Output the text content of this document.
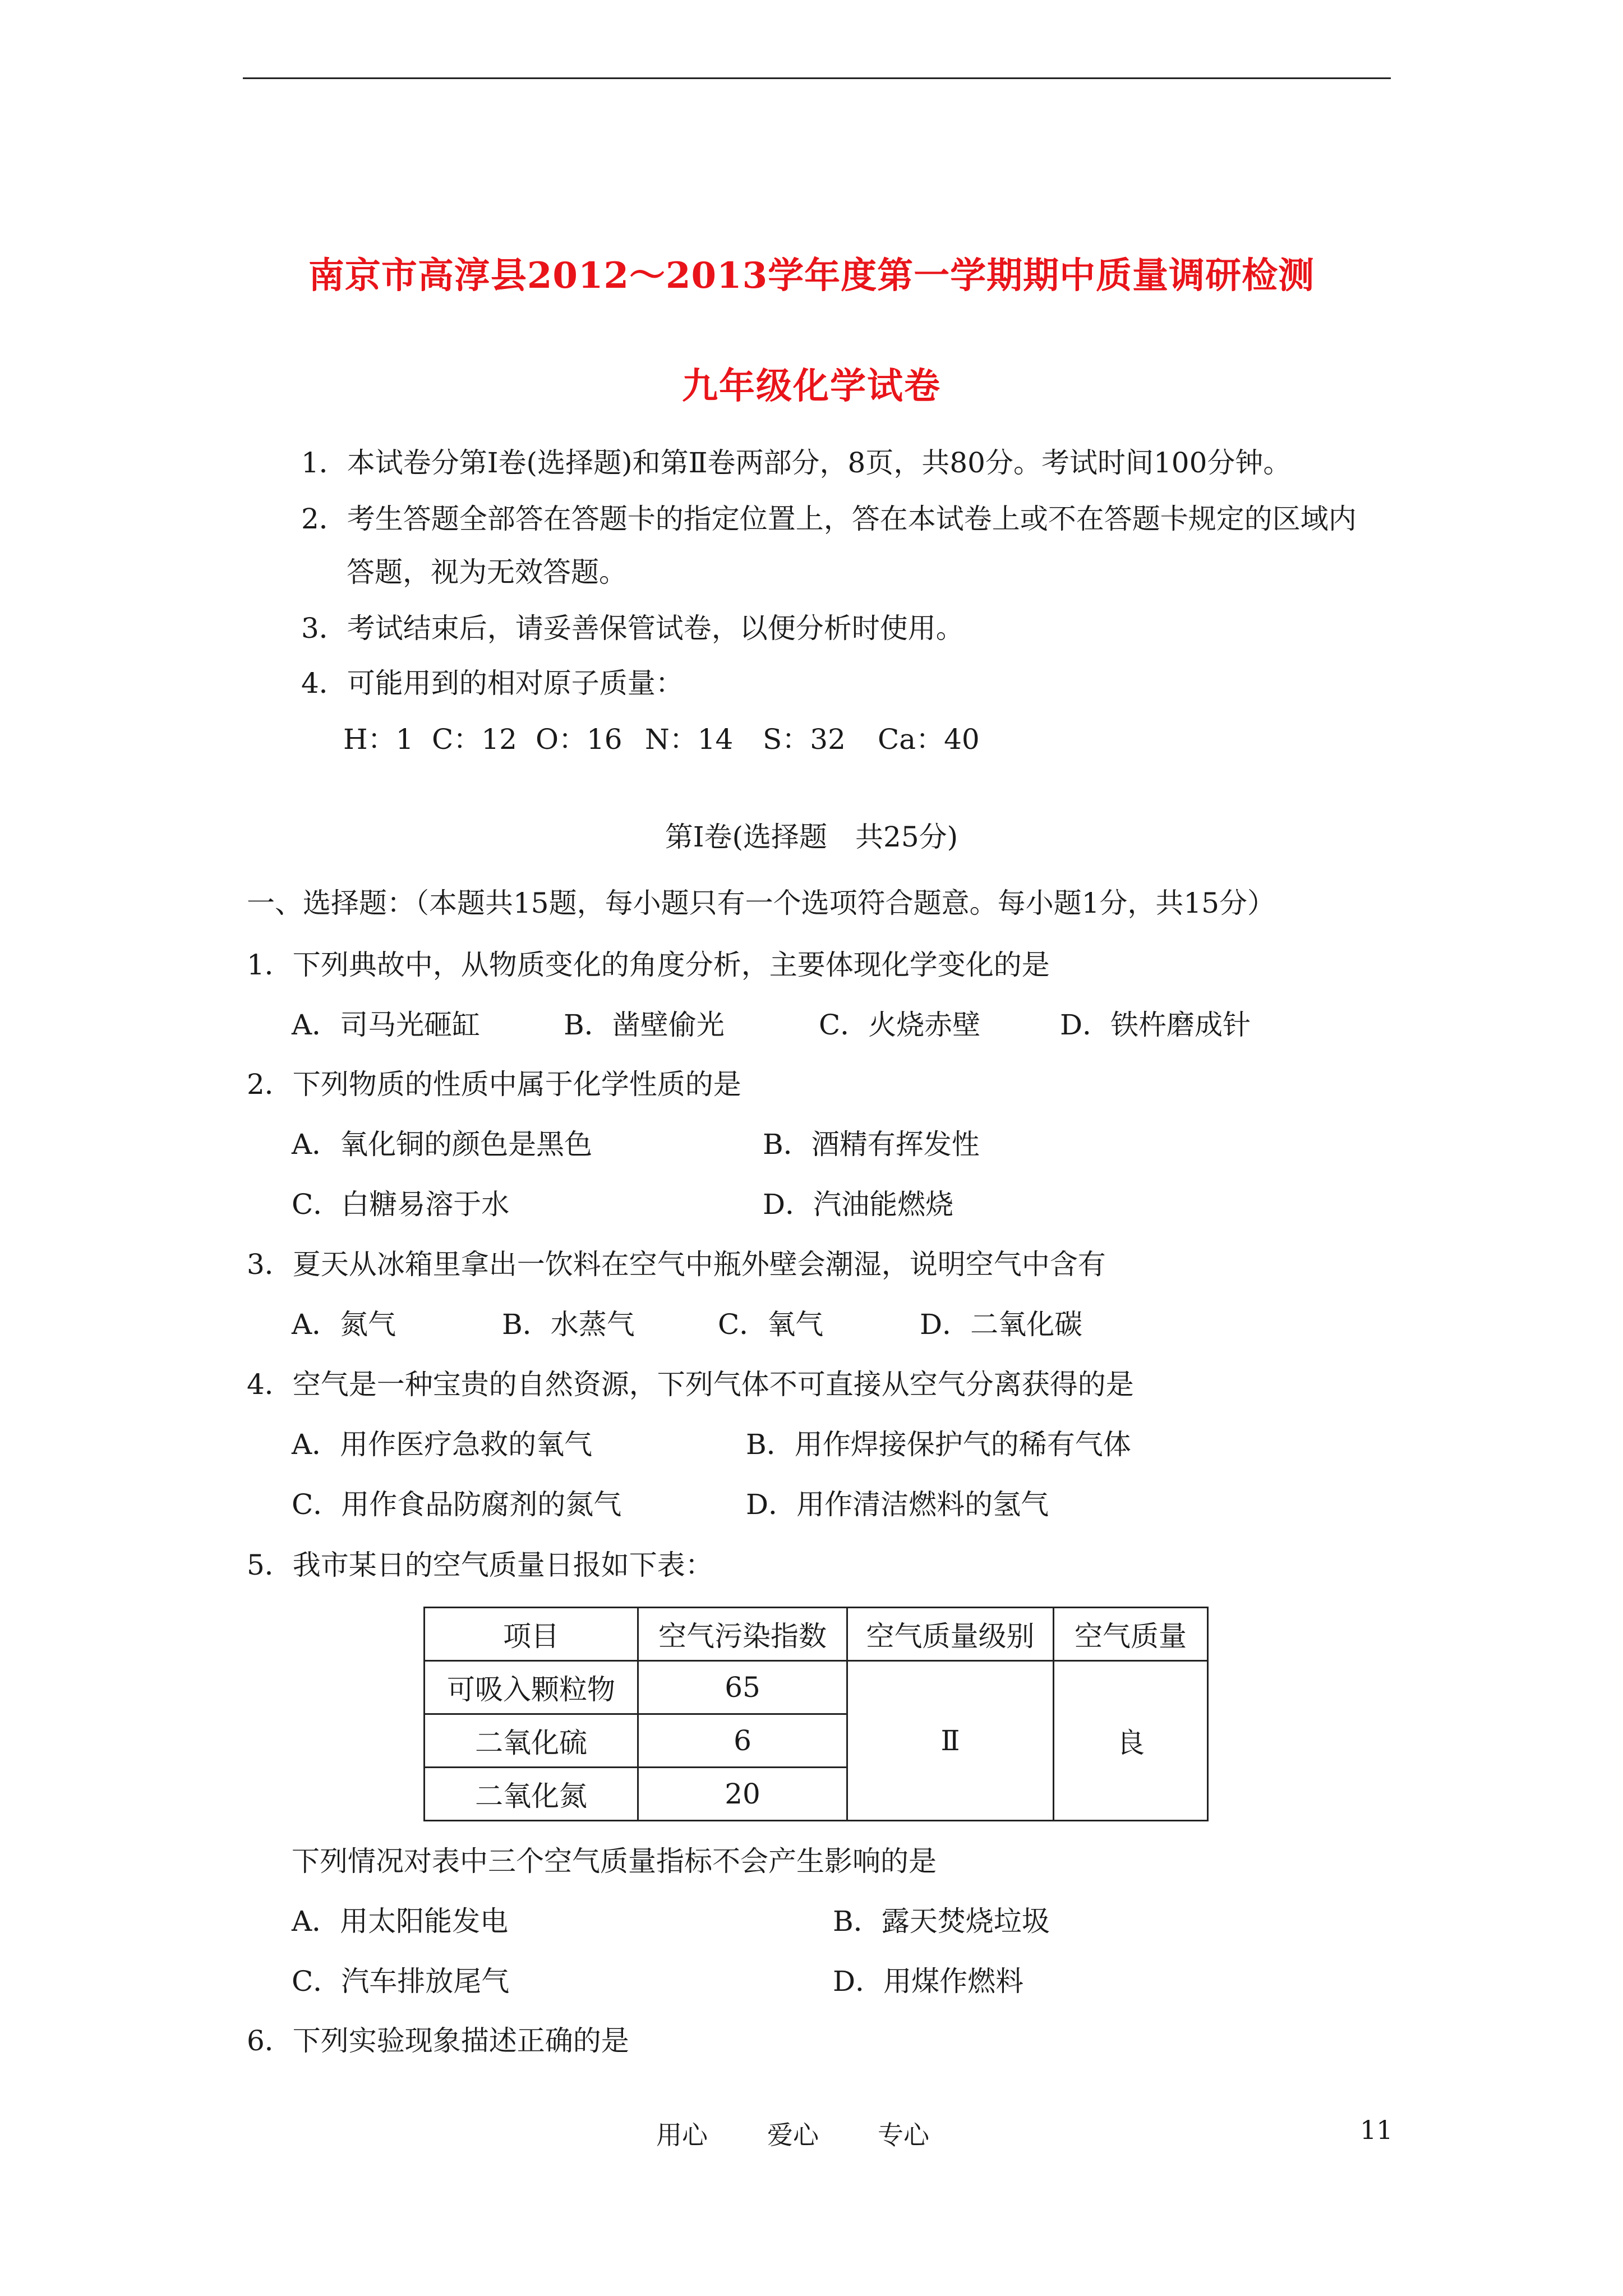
南京市高淳县2012～2013学年度第一学期期中质量调研检测
九年级化学试卷
1．本试卷分第Ⅰ卷(选择题)和第Ⅱ卷两部分，8页，共80分。考试时间100分钟。
2．考生答题全部答在答题卡的指定位置上，答在本试卷上或不在答题卡规定的区域内
答题，视为无效答题。
3．考试结束后，请妥善保管试卷，以便分析时使用。
4．可能用到的相对原子质量：
H：1 C：12 O：16 N：14 S：32 Ca：40
第Ⅰ卷(选择题　共25分)
一、选择题：（本题共15题，每小题只有一个选项符合题意。每小题1分，共15分）
1．下列典故中，从物质变化的角度分析，主要体现化学变化的是
A．司马光砸缸	B．凿壁偷光	C．火烧赤壁	D．铁杵磨成针
2．下列物质的性质中属于化学性质的是
A．氧化铜的颜色是黑色	B．酒精有挥发性
C．白糖易溶于水	D．汽油能燃烧
3．夏天从冰箱里拿出一饮料在空气中瓶外壁会潮湿，说明空气中含有
A．氮气	B．水蒸气	C．氧气	D．二氧化碳
4．空气是一种宝贵的自然资源，下列气体不可直接从空气分离获得的是
A．用作医疗急救的氧气	B．用作焊接保护气的稀有气体
C．用作食品防腐剂的氮气	D．用作清洁燃料的氢气
5．我市某日的空气质量日报如下表：
项目	空气污染指数	空气质量级别	空气质量
可吸入颗粒物	65	Ⅱ	良
二氧化硫	6		
二氧化氮	20		
下列情况对表中三个空气质量指标不会产生影响的是
A．用太阳能发电	B．露天焚烧垃圾
C．汽车排放尾气	D．用煤作燃料
6．下列实验现象描述正确的是
用心 爱心 专心	11
